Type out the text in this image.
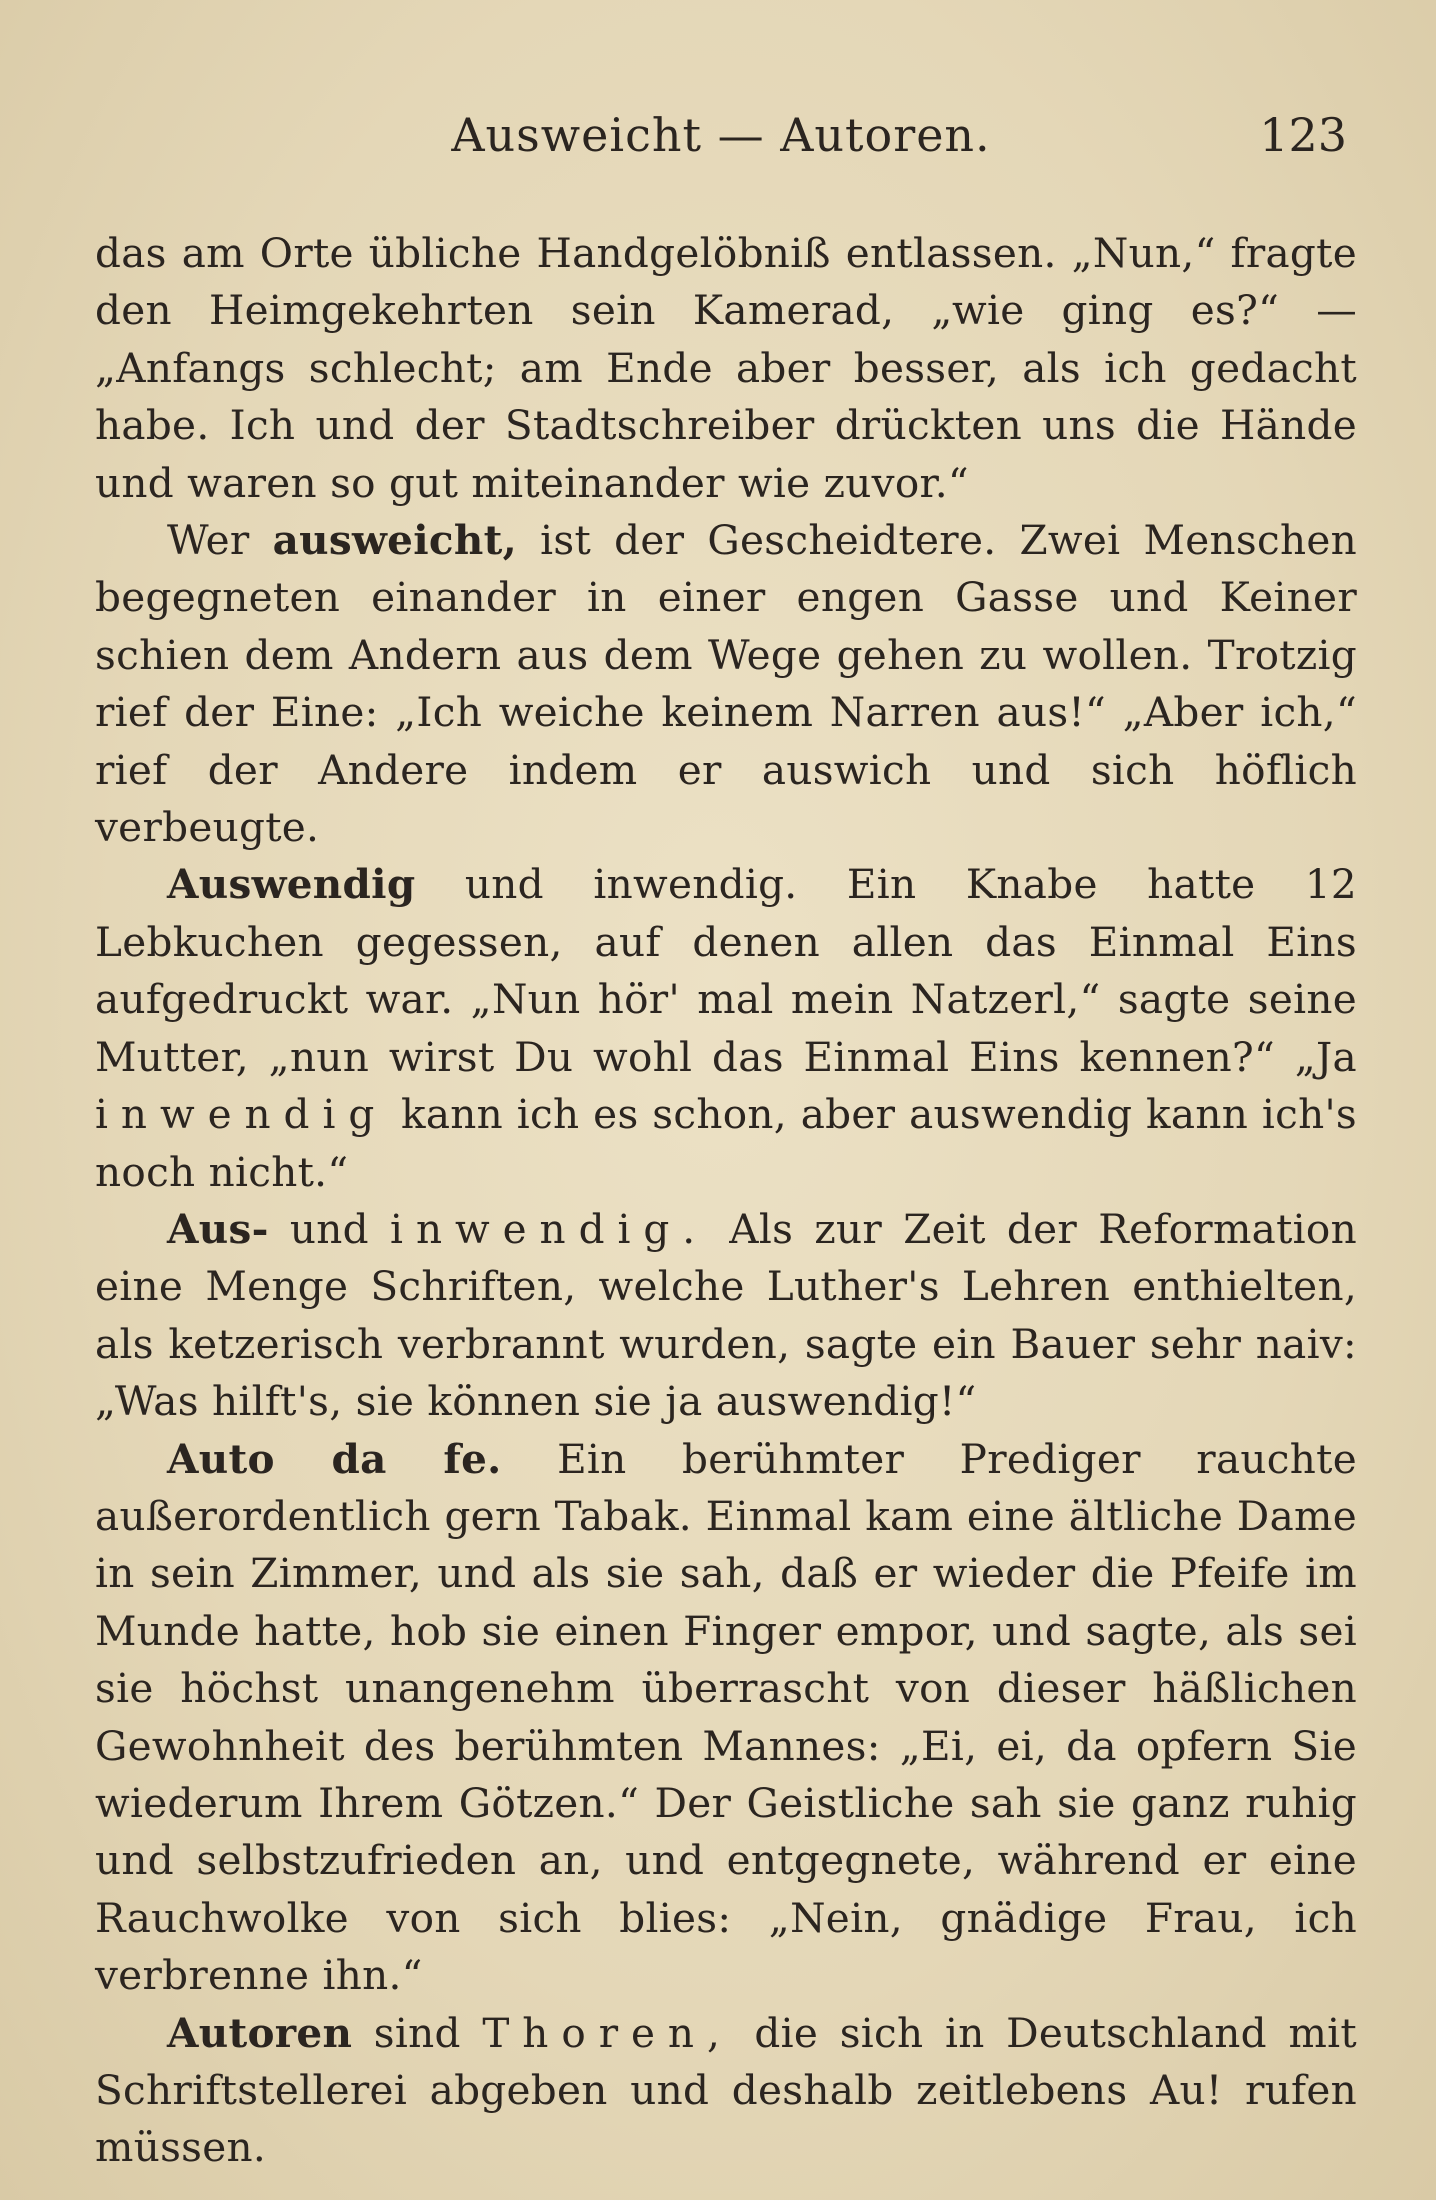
Ausweicht — Autoren.	123

das am Orte übliche Handgelöbniß entlassen. „Nun,“ fragte den Heimgekehrten sein Kamerad, „wie ging es?“ — „Anfangs schlecht; am Ende aber besser, als ich gedacht habe. Ich und der Stadtschreiber drückten uns die Hände und waren so gut miteinander wie zuvor.“

Wer ausweicht, ist der Gescheidtere. Zwei Menschen begegneten einander in einer engen Gasse und Keiner schien dem Andern aus dem Wege gehen zu wollen. Trotzig rief der Eine: „Ich weiche keinem Narren aus!“ „Aber ich,“ rief der Andere indem er auswich und sich höflich verbeugte.

Auswendig und inwendig. Ein Knabe hatte 12 Lebkuchen gegessen, auf denen allen das Einmal Eins aufgedruckt war. „Nun hör' mal mein Natzerl,“ sagte seine Mutter, „nun wirst Du wohl das Einmal Eins kennen?“ „Ja inwendig kann ich es schon, aber auswendig kann ich's noch nicht.“

Aus- und inwendig. Als zur Zeit der Reformation eine Menge Schriften, welche Luther's Lehren enthielten, als ketzerisch verbrannt wurden, sagte ein Bauer sehr naiv: „Was hilft's, sie können sie ja auswendig!“

Auto da fe. Ein berühmter Prediger rauchte außerordentlich gern Tabak. Einmal kam eine ältliche Dame in sein Zimmer, und als sie sah, daß er wieder die Pfeife im Munde hatte, hob sie einen Finger empor, und sagte, als sei sie höchst unangenehm überrascht von dieser häßlichen Gewohnheit des berühmten Mannes: „Ei, ei, da opfern Sie wiederum Ihrem Götzen.“ Der Geistliche sah sie ganz ruhig und selbstzufrieden an, und entgegnete, während er eine Rauchwolke von sich blies: „Nein, gnädige Frau, ich verbrenne ihn.“

Autoren sind Thoren, die sich in Deutschland mit Schriftstellerei abgeben und deshalb zeitlebens Au! rufen müssen.
